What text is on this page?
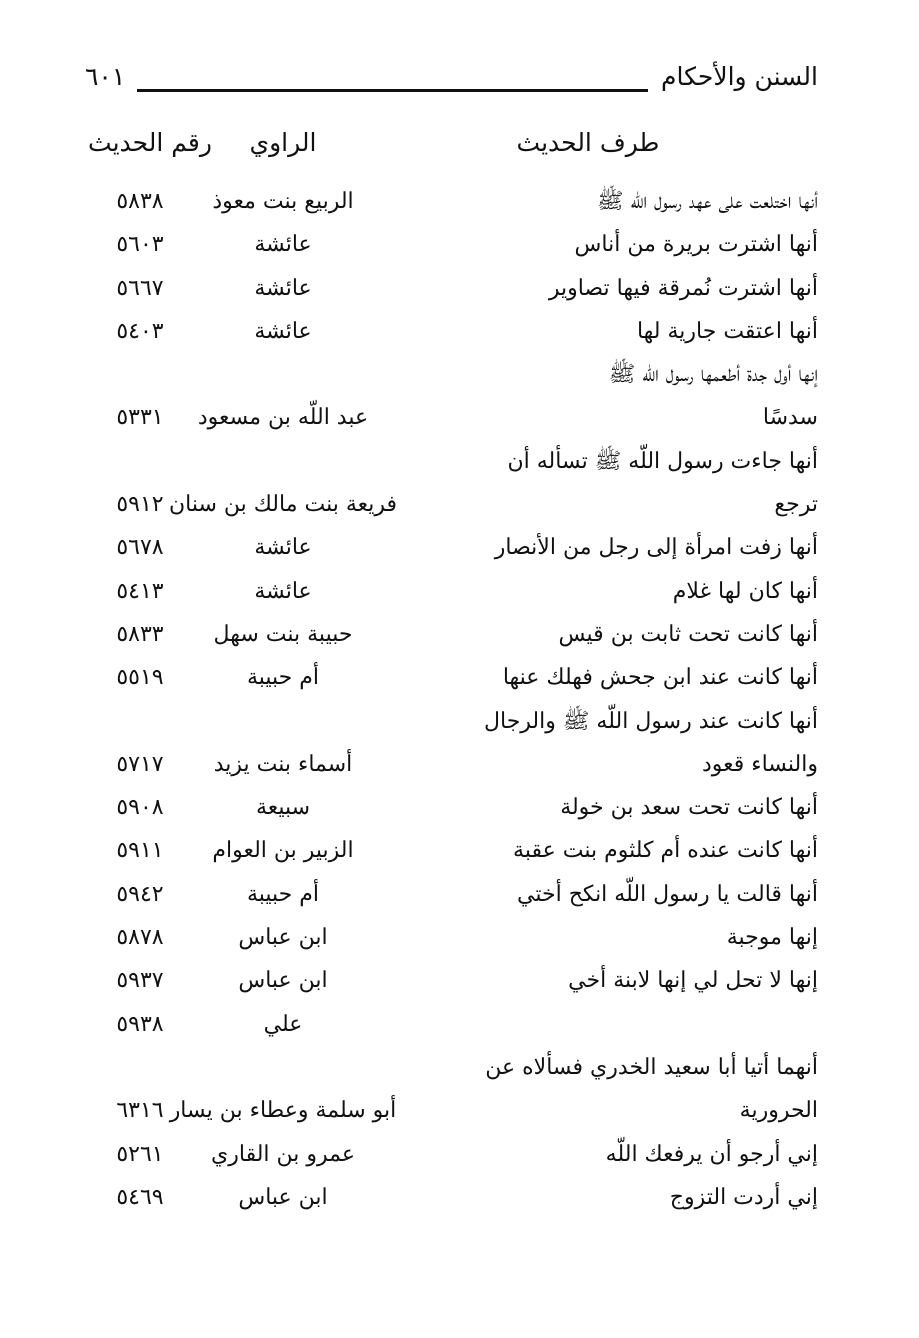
السنن والأحكام
٦٠١
طرف الحديث
الراوي
رقم الحديث
أنها اختلعت على عهد رسول اللّه ﷺ
الربيع بنت معوذ
٥٨٣٨
أنها اشترت بريرة من أناس
عائشة
٥٦٠٣
أنها اشترت نُمرقة فيها تصاوير
عائشة
٥٦٦٧
أنها اعتقت جارية لها
عائشة
٥٤٠٣
إنها أول جدة أطعمها رسول اللّه ﷺ
سدسًا
عبد اللّه بن مسعود
٥٣٣١
أنها جاءت رسول اللّه ﷺ تسأله أن
ترجع
فريعة بنت مالك بن سنان
٥٩١٢
أنها زفت امرأة إلى رجل من الأنصار
عائشة
٥٦٧٨
أنها كان لها غلام
عائشة
٥٤١٣
أنها كانت تحت ثابت بن قيس
حبيبة بنت سهل
٥٨٣٣
أنها كانت عند ابن جحش فهلك عنها
أم حبيبة
٥٥١٩
أنها كانت عند رسول اللّه ﷺ والرجال
والنساء قعود
أسماء بنت يزيد
٥٧١٧
أنها كانت تحت سعد بن خولة
سبيعة
٥٩٠٨
أنها كانت عنده أم كلثوم بنت عقبة
الزبير بن العوام
٥٩١١
أنها قالت يا رسول اللّه انكح أختي
أم حبيبة
٥٩٤٢
إنها موجبة
ابن عباس
٥٨٧٨
إنها لا تحل لي إنها لابنة أخي
ابن عباس
٥٩٣٧
علي
٥٩٣٨
أنهما أتيا أبا سعيد الخدري فسألاه عن
الحرورية
أبو سلمة وعطاء بن يسار
٦٣١٦
إني أرجو أن يرفعك اللّه
عمرو بن القاري
٥٢٦١
إني أردت التزوج
ابن عباس
٥٤٦٩
